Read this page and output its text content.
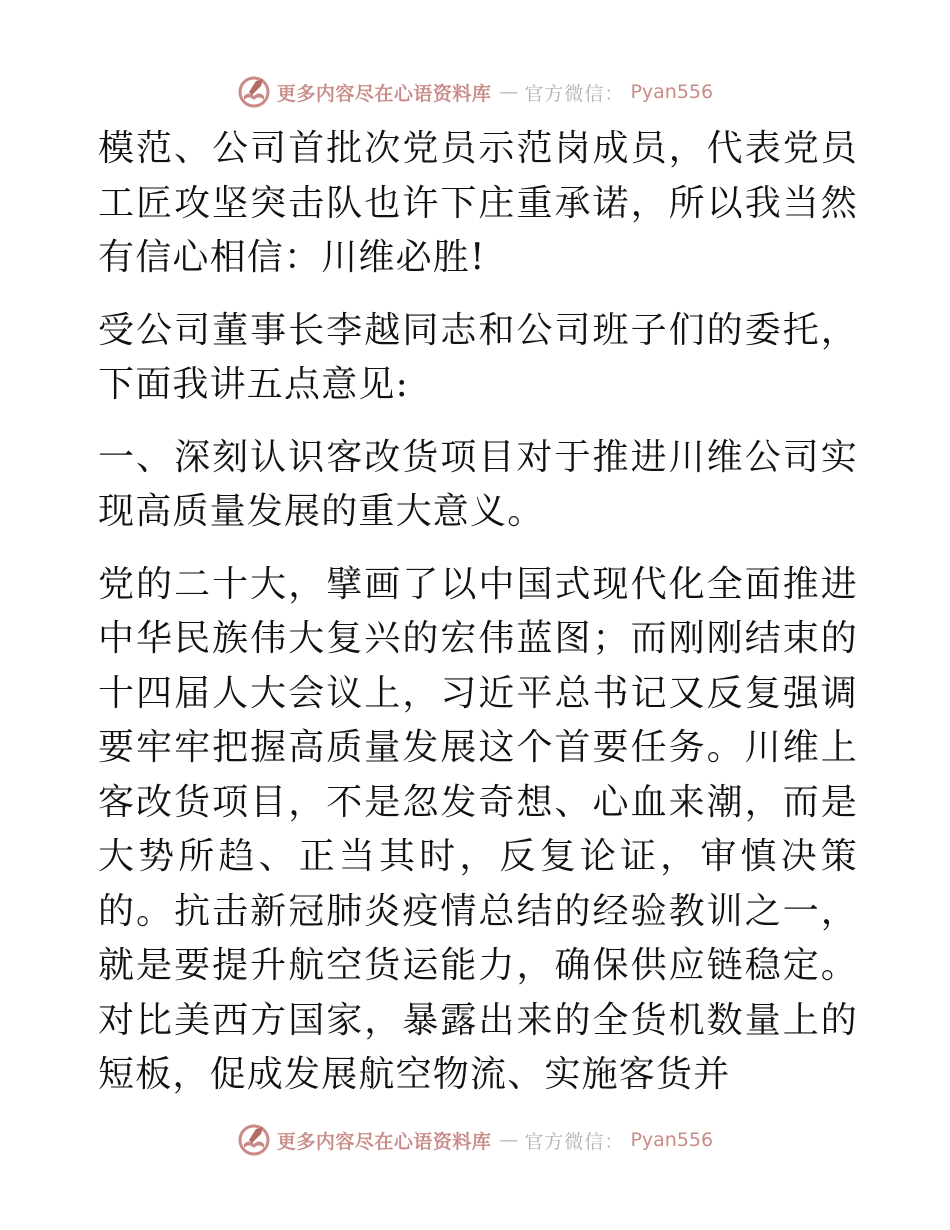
更多内容尽在心语资料库 — 官方微信： Pyan556

模范、公司首批次党员示范岗成员，代表党员工匠攻坚突击队也许下庄重承诺，所以我当然有信心相信：川维必胜!

受公司董事长李越同志和公司班子们的委托，下面我讲五点意见:

一、深刻认识客改货项目对于推进川维公司实现高质量发展的重大意义。

党的二十大，擘画了以中国式现代化全面推进中华民族伟大复兴的宏伟蓝图；而刚刚结束的十四届人大会议上，习近平总书记又反复强调要牢牢把握高质量发展这个首要任务。川维上客改货项目，不是忽发奇想、心血来潮，而是大势所趋、正当其时，反复论证，审慎决策的。抗击新冠肺炎疫情总结的经验教训之一，就是要提升航空货运能力，确保供应链稳定。对比美西方国家，暴露出来的全货机数量上的短板，促成发展航空物流、实施客货并

更多内容尽在心语资料库 — 官方微信： Pyan556
